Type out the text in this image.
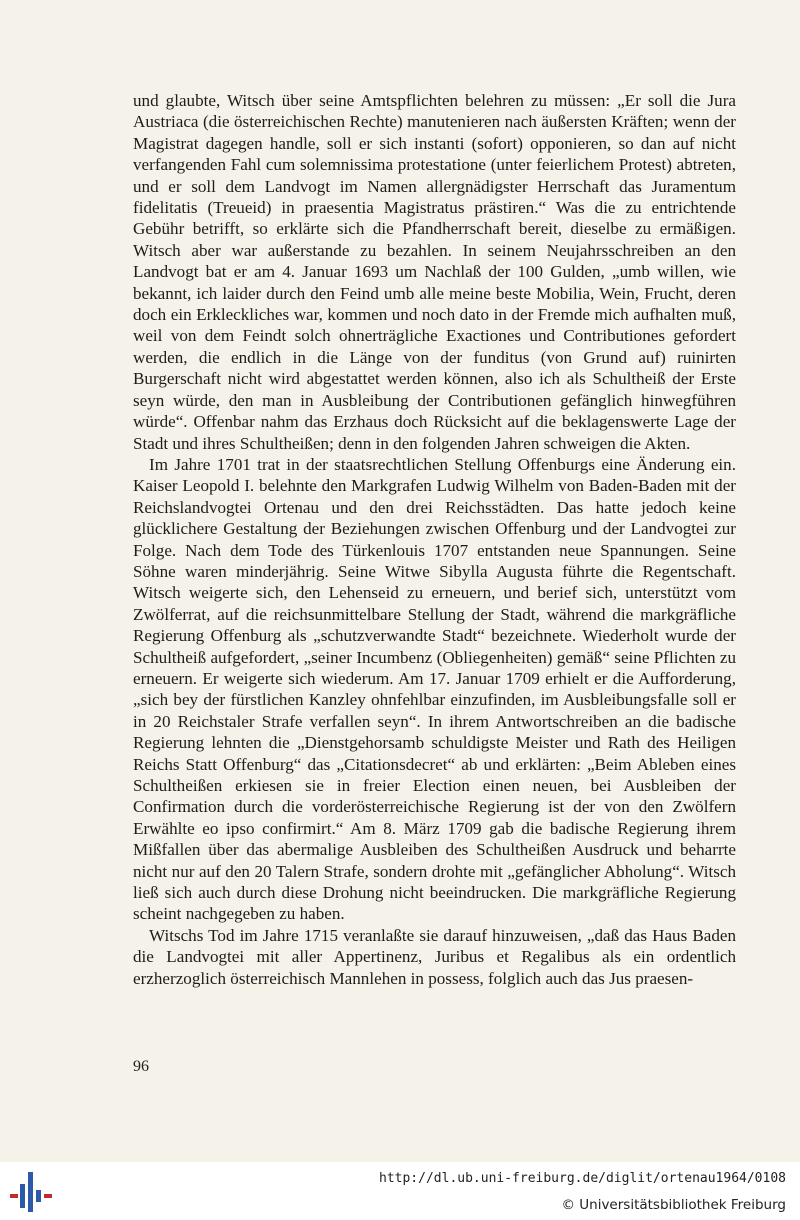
und glaubte, Witsch über seine Amtspflichten belehren zu müssen: „Er soll die Jura Austriaca (die österreichischen Rechte) manutenieren nach äußersten Kräften; wenn der Magistrat dagegen handle, soll er sich instanti (sofort) opponieren, so dan auf nicht verfangenden Fahl cum solemnissima protestatione (unter feierlichem Protest) abtreten, und er soll dem Landvogt im Namen allergnädigster Herrschaft das Juramentum fidelitatis (Treueid) in praesentia Magistratus prästiren.“ Was die zu entrichtende Gebühr betrifft, so erklärte sich die Pfandherrschaft bereit, dieselbe zu ermäßigen. Witsch aber war außerstande zu bezahlen. In seinem Neujahrsschreiben an den Landvogt bat er am 4. Januar 1693 um Nachlaß der 100 Gulden, „umb willen, wie bekannt, ich laider durch den Feind umb alle meine beste Mobilia, Wein, Frucht, deren doch ein Erkleckliches war, kommen und noch dato in der Fremde mich aufhalten muß, weil von dem Feindt solch ohnerträgliche Exactiones und Contributiones gefordert werden, die endlich in die Länge von der funditus (von Grund auf) ruinirten Burgerschaft nicht wird abgestattet werden können, also ich als Schultheiß der Erste seyn würde, den man in Ausbleibung der Contributionen gefänglich hinwegführen würde“. Offenbar nahm das Erzhaus doch Rücksicht auf die beklagenswerte Lage der Stadt und ihres Schultheißen; denn in den folgenden Jahren schweigen die Akten.

Im Jahre 1701 trat in der staatsrechtlichen Stellung Offenburgs eine Änderung ein. Kaiser Leopold I. belehnte den Markgrafen Ludwig Wilhelm von Baden-Baden mit der Reichslandvogtei Ortenau und den drei Reichsstädten. Das hatte jedoch keine glücklichere Gestaltung der Beziehungen zwischen Offenburg und der Landvogtei zur Folge. Nach dem Tode des Türkenlouis 1707 entstanden neue Spannungen. Seine Söhne waren minderjährig. Seine Witwe Sibylla Augusta führte die Regentschaft. Witsch weigerte sich, den Lehenseid zu erneuern, und berief sich, unterstützt vom Zwölferrat, auf die reichsunmittelbare Stellung der Stadt, während die markgräfliche Regierung Offenburg als „schutzverwandte Stadt“ bezeichnete. Wiederholt wurde der Schultheiß aufgefordert, „seiner Incumbenz (Obliegenheiten) gemäß“ seine Pflichten zu erneuern. Er weigerte sich wiederum. Am 17. Januar 1709 erhielt er die Aufforderung, „sich bey der fürstlichen Kanzley ohnfehlbar einzufinden, im Ausbleibungsfalle soll er in 20 Reichstaler Strafe verfallen seyn“. In ihrem Antwortschreiben an die badische Regierung lehnten die „Dienstgehorsamb schuldigste Meister und Rath des Heiligen Reichs Statt Offenburg“ das „Citationsdecret“ ab und erklärten: „Beim Ableben eines Schultheißen erkiesen sie in freier Election einen neuen, bei Ausbleiben der Confirmation durch die vorderösterreichische Regierung ist der von den Zwölfern Erwählte eo ipso confirmirt.“ Am 8. März 1709 gab die badische Regierung ihrem Mißfallen über das abermalige Ausbleiben des Schultheißen Ausdruck und beharrte nicht nur auf den 20 Talern Strafe, sondern drohte mit „gefänglicher Abholung“. Witsch ließ sich auch durch diese Drohung nicht beeindrucken. Die markgräfliche Regierung scheint nachgegeben zu haben.

Witschs Tod im Jahre 1715 veranlaßte sie darauf hinzuweisen, „daß das Haus Baden die Landvogtei mit aller Appertinenz, Juribus et Regalibus als ein ordentlich erzherzoglich österreichisch Mannlehen in possess, folglich auch das Jus praesen-

96
http://dl.ub.uni-freiburg.de/diglit/ortenau1964/0108
© Universitätsbibliothek Freiburg
